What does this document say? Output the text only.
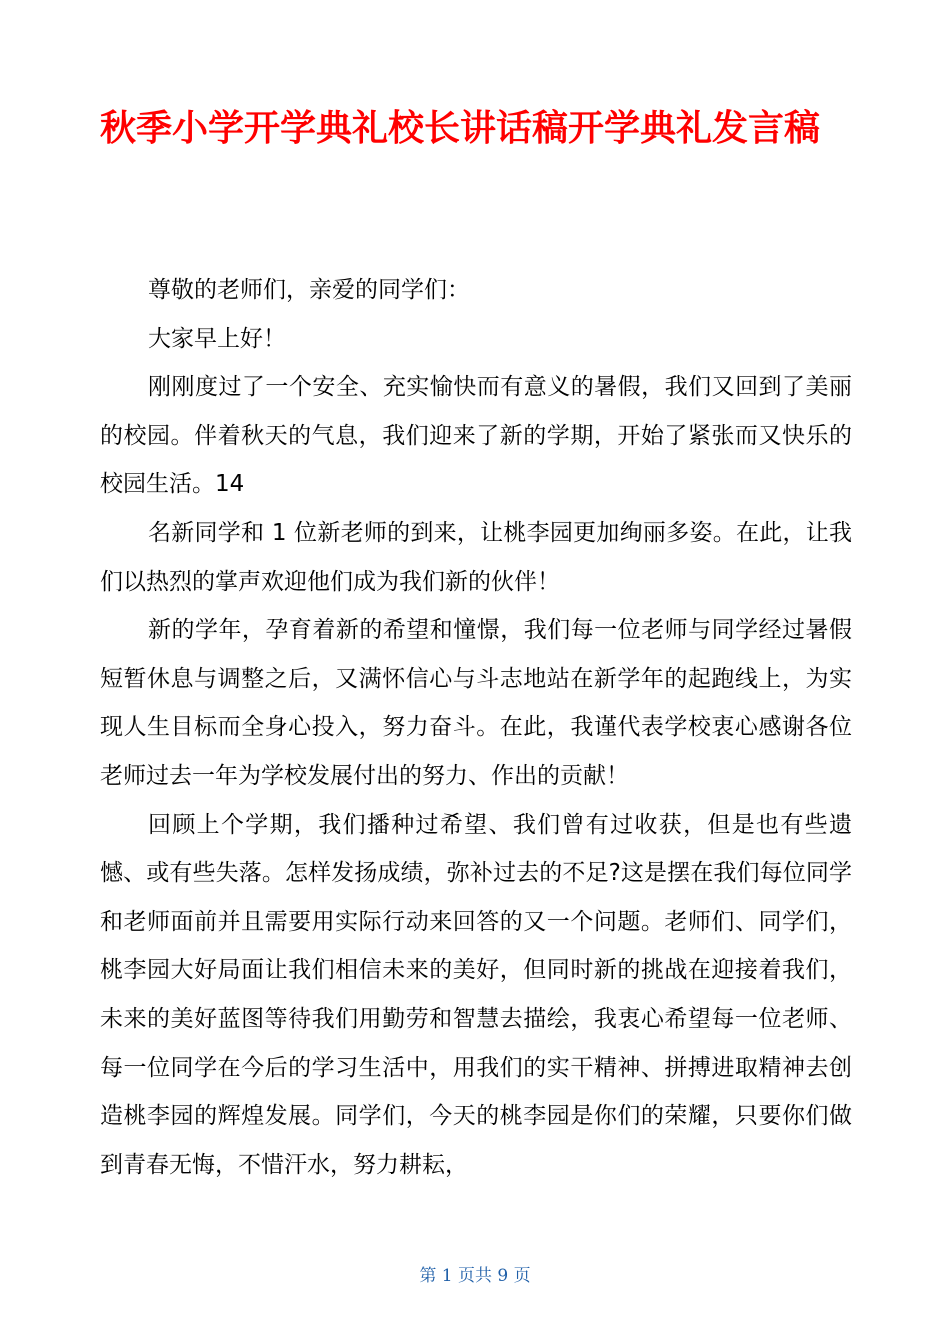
秋季小学开学典礼校长讲话稿开学典礼发言稿

尊敬的老师们，亲爱的同学们：

大家早上好！

刚刚度过了一个安全、充实愉快而有意义的暑假，我们又回到了美丽的校园。伴着秋天的气息，我们迎来了新的学期，开始了紧张而又快乐的校园生活。14

名新同学和 1 位新老师的到来，让桃李园更加绚丽多姿。在此，让我们以热烈的掌声欢迎他们成为我们新的伙伴！

新的学年，孕育着新的希望和憧憬，我们每一位老师与同学经过暑假短暂休息与调整之后，又满怀信心与斗志地站在新学年的起跑线上，为实现人生目标而全身心投入，努力奋斗。在此，我谨代表学校衷心感谢各位老师过去一年为学校发展付出的努力、作出的贡献！

回顾上个学期，我们播种过希望、我们曾有过收获，但是也有些遗憾、或有些失落。怎样发扬成绩，弥补过去的不足?这是摆在我们每位同学和老师面前并且需要用实际行动来回答的又一个问题。老师们、同学们，桃李园大好局面让我们相信未来的美好，但同时新的挑战在迎接着我们，未来的美好蓝图等待我们用勤劳和智慧去描绘，我衷心希望每一位老师、每一位同学在今后的学习生活中，用我们的实干精神、拼搏进取精神去创造桃李园的辉煌发展。同学们，今天的桃李园是你们的荣耀，只要你们做到青春无悔，不惜汗水，努力耕耘，

第 1 页共 9 页
